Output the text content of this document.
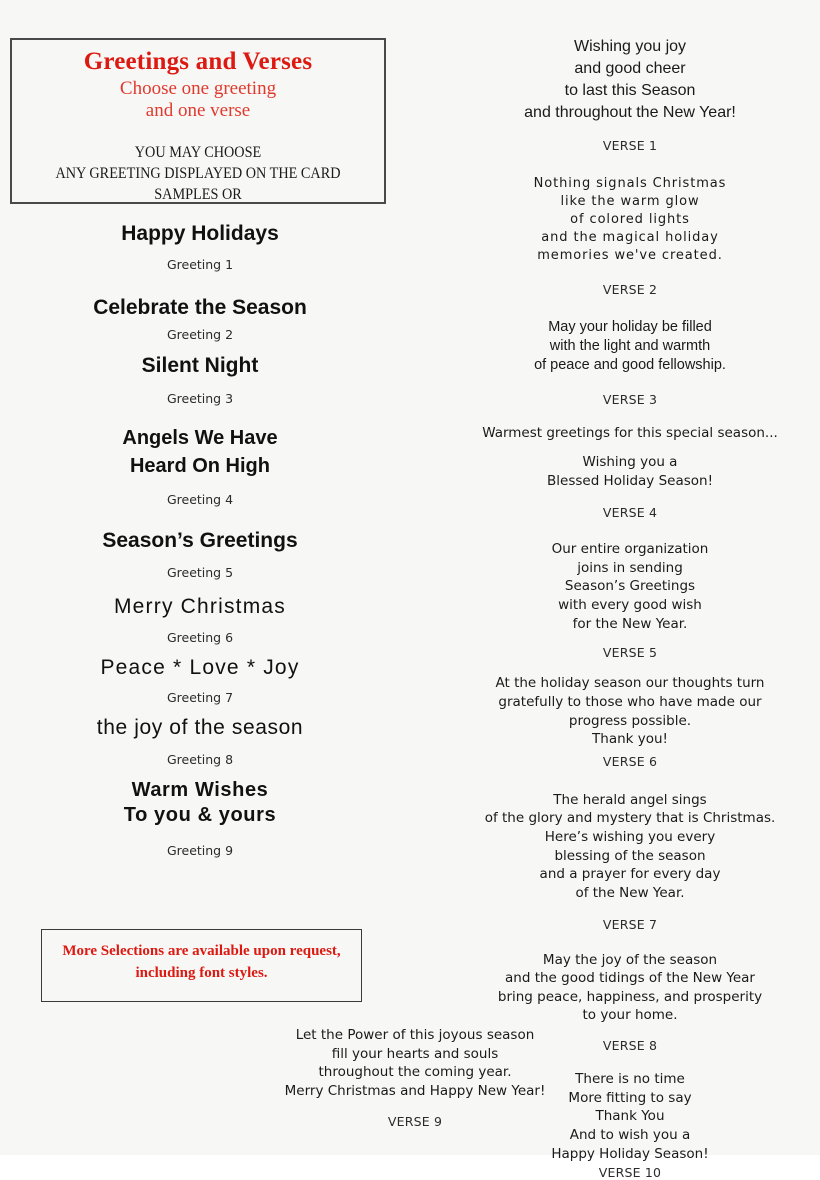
Greetings and Verses
Choose one greeting
and one verse
YOU MAY CHOOSE
ANY GREETING DISPLAYED ON THE CARD SAMPLES OR
Happy Holidays
Greeting 1
Celebrate the Season
Greeting 2
Silent Night
Greeting 3
Angels We Have
Heard On High
Greeting 4
Season’s Greetings
Greeting 5
Merry Christmas
Greeting 6
Peace * Love * Joy
Greeting 7
the joy of the season
Greeting 8
Warm Wishes
To you & yours
Greeting 9
More Selections are available upon request,
including font styles.
Wishing you joy
and good cheer
to last this Season
and throughout the New Year!
VERSE 1
Nothing signals Christmas
like the warm glow
of colored lights
and the magical holiday
memories we've created.
VERSE 2
May your holiday be filled
with the light and warmth
of peace and good fellowship.
VERSE 3
Warmest greetings for this special season...
Wishing you a
Blessed Holiday Season!
VERSE 4
Our entire organization
joins in sending
Season’s Greetings
with every good wish
for the New Year.
VERSE 5
At the holiday season our thoughts turn
gratefully to those who have made our
progress possible.
Thank you!
VERSE 6
The herald angel sings
of the glory and mystery that is Christmas.
Here’s wishing you every
blessing of the season
and a prayer for every day
of the New Year.
VERSE 7
May the joy of the season
and the good tidings of the New Year
bring peace, happiness, and prosperity
to your home.
VERSE 8
There is no time
More fitting to say
Thank You
And to wish you a
Happy Holiday Season!
VERSE 10
Let the Power of this joyous season
fill your hearts and souls
throughout the coming year.
Merry Christmas and Happy New Year!
VERSE 9
